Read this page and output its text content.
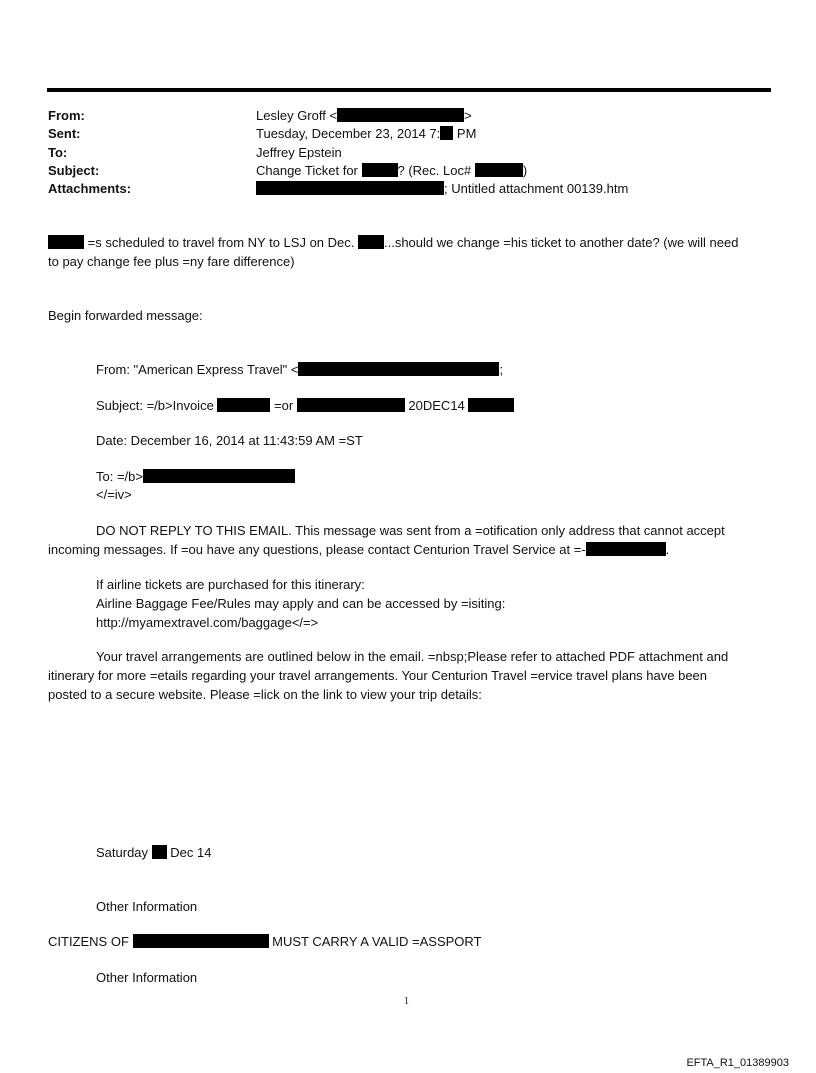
From:	Lesley Groff <	>
Sent:	Tuesday, December 23, 2014 7: PM
To:	Jeffrey Epstein
Subject:	Change Ticket for	? (Rec. Loc#	)
Attachments:	; Untitled attachment 00139.htm
=s scheduled to travel from NY to LSJ on Dec. ...should we change =his ticket to another date? (we will need
to pay change fee plus =ny fare difference)
Begin forwarded message:
From: "American Express Travel" <	;
Subject: =/b>Invoice	=or	20DEC14
Date: December 16, 2014 at 11:43:59 AM =ST
To: =/b>
</=iv>
DO NOT REPLY TO THIS EMAIL. This message was sent from a =otification only address that cannot accept
incoming messages. If =ou have any questions, please contact Centurion Travel Service at =-	.
If airline tickets are purchased for this itinerary:
Airline Baggage Fee/Rules may apply and can be accessed by =isiting:
http://myamextravel.com/baggage</=>
Your travel arrangements are outlined below in the email. =nbsp;Please refer to attached PDF attachment and
itinerary for more =etails regarding your travel arrangements. Your Centurion Travel =ervice travel plans have been
posted to a secure website. Please =lick on the link to view your trip details:
Saturday  Dec 14
Other Information
CITIZENS OF	MUST CARRY A VALID =ASSPORT
Other Information
1
EFTA_R1_01389903
